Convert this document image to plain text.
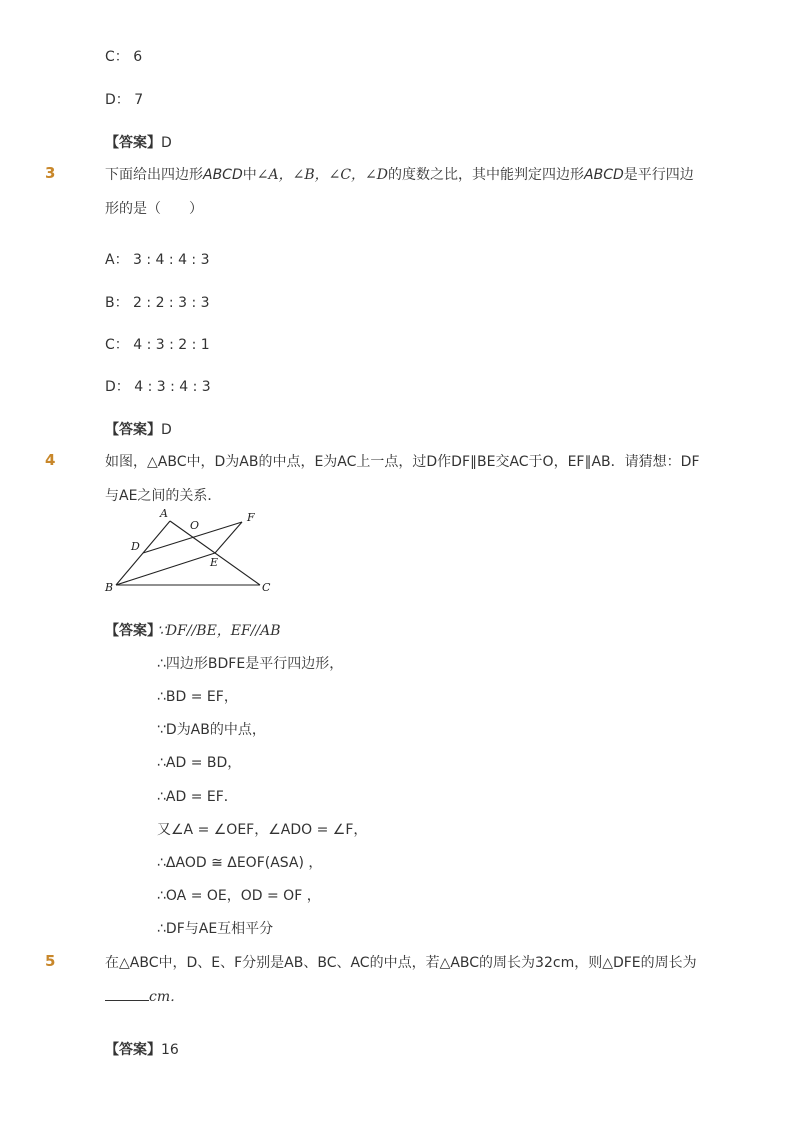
C： 6
D： 7
【答案】D
3	下面给出四边形ABCD中∠A，∠B，∠C，∠D的度数之比，其中能判定四边形ABCD是平行四边
形的是（　　）
A： 3 : 4 : 4 : 3
B： 2 : 2 : 3 : 3
C： 4 : 3 : 2 : 1
D： 4 : 3 : 4 : 3
【答案】D
4	如图，△ABC中，D为AB的中点，E为AC上一点，过D作DF∥BE交AC于O，EF∥AB．请猜想：DF
与AE之间的关系．
A
O
F
D
E
B	C
【答案】
∵DF//BE，EF//AB
∴四边形BDFE是平行四边形，
∴BD = EF，
∵D为AB的中点，
∴AD = BD，
∴AD = EF．
又∠A = ∠OEF，∠ADO = ∠F，
∴ΔAOD ≅ ΔEOF(ASA) ，
∴OA = OE，OD = OF ，
∴DF与AE互相平分
5	在△ABC中，D、E、F分别是AB、BC、AC的中点，若△ABC的周长为32cm，则△DFE的周长为
cm．
【答案】16
